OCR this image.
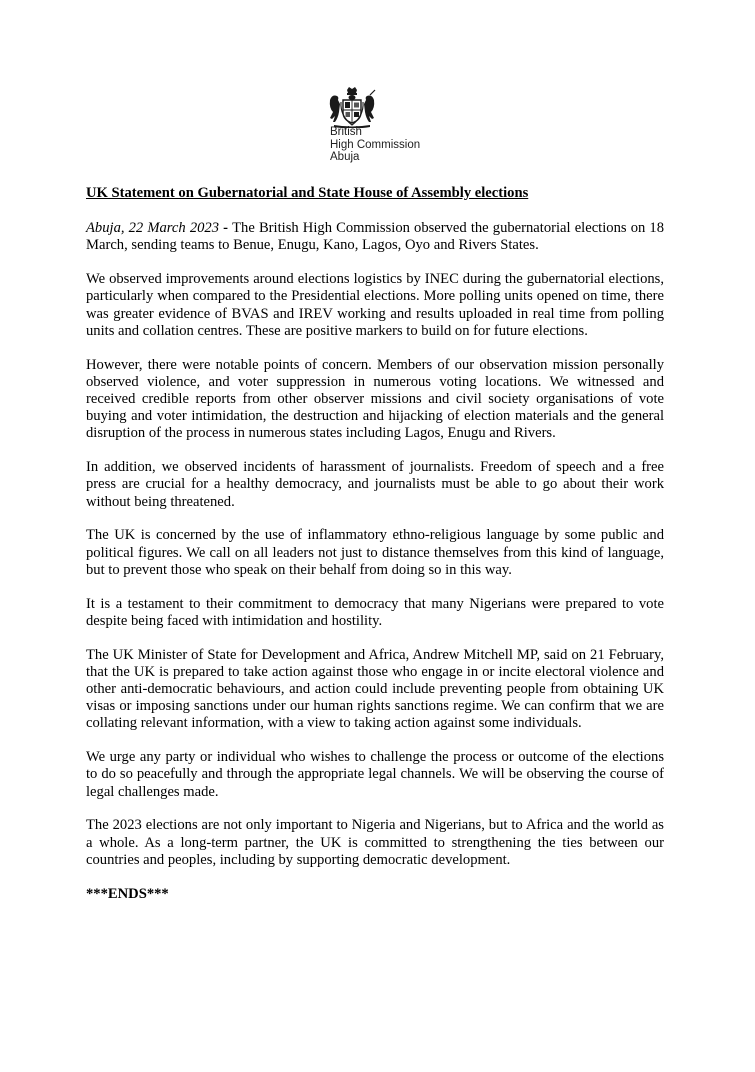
British
High Commission
Abuja
UK Statement on Gubernatorial and State House of Assembly elections

Abuja, 22 March 2023 - The British High Commission observed the gubernatorial elections on 18 March, sending teams to Benue, Enugu, Kano, Lagos, Oyo and Rivers States.

We observed improvements around elections logistics by INEC during the gubernatorial elections, particularly when compared to the Presidential elections. More polling units opened on time, there was greater evidence of BVAS and IREV working and results uploaded in real time from polling units and collation centres. These are positive markers to build on for future elections.

However, there were notable points of concern. Members of our observation mission personally observed violence, and voter suppression in numerous voting locations. We witnessed and received credible reports from other observer missions and civil society organisations of vote buying and voter intimidation, the destruction and hijacking of election materials and the general disruption of the process in numerous states including Lagos, Enugu and Rivers.

In addition, we observed incidents of harassment of journalists. Freedom of speech and a free press are crucial for a healthy democracy, and journalists must be able to go about their work without being threatened.

The UK is concerned by the use of inflammatory ethno-religious language by some public and political figures. We call on all leaders not just to distance themselves from this kind of language, but to prevent those who speak on their behalf from doing so in this way.

It is a testament to their commitment to democracy that many Nigerians were prepared to vote despite being faced with intimidation and hostility.

The UK Minister of State for Development and Africa, Andrew Mitchell MP, said on 21 February, that the UK is prepared to take action against those who engage in or incite electoral violence and other anti-democratic behaviours, and action could include preventing people from obtaining UK visas or imposing sanctions under our human rights sanctions regime. We can confirm that we are collating relevant information, with a view to taking action against some individuals.

We urge any party or individual who wishes to challenge the process or outcome of the elections to do so peacefully and through the appropriate legal channels. We will be observing the course of legal challenges made.

The 2023 elections are not only important to Nigeria and Nigerians, but to Africa and the world as a whole. As a long-term partner, the UK is committed to strengthening the ties between our countries and peoples, including by supporting democratic development.

***ENDS***
